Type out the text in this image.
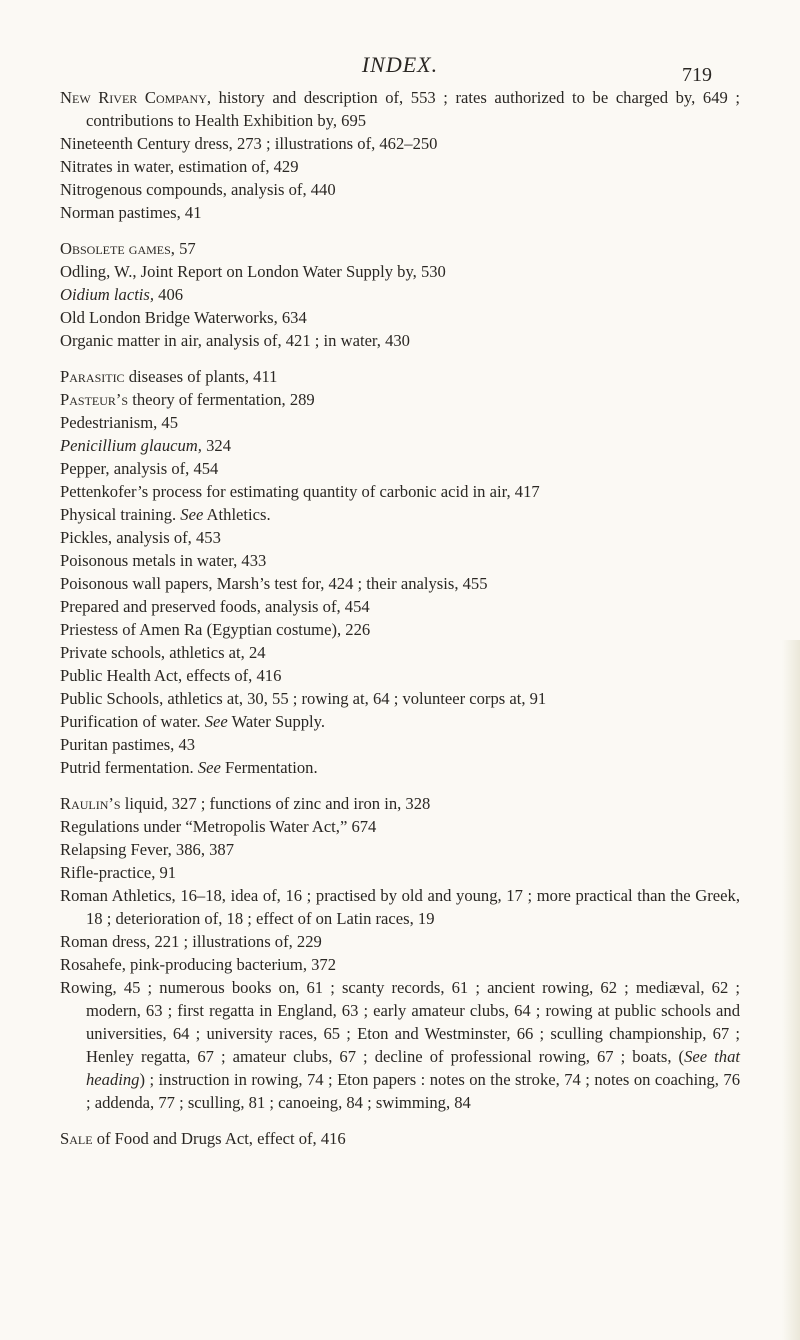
INDEX.	719
New River Company, history and description of, 553 ; rates authorized to be charged by, 649 ; contributions to Health Exhibition by, 695
Nineteenth Century dress, 273 ; illustrations of, 462–250
Nitrates in water, estimation of, 429
Nitrogenous compounds, analysis of, 440
Norman pastimes, 41
Obsolete games, 57
Odling, W., Joint Report on London Water Supply by, 530
Oidium lactis, 406
Old London Bridge Waterworks, 634
Organic matter in air, analysis of, 421 ; in water, 430
Parasitic diseases of plants, 411
Pasteur’s theory of fermentation, 289
Pedestrianism, 45
Penicillium glaucum, 324
Pepper, analysis of, 454
Pettenkofer’s process for estimating quantity of carbonic acid in air, 417
Physical training. See Athletics.
Pickles, analysis of, 453
Poisonous metals in water, 433
Poisonous wall papers, Marsh’s test for, 424 ; their analysis, 455
Prepared and preserved foods, analysis of, 454
Priestess of Amen Ra (Egyptian costume), 226
Private schools, athletics at, 24
Public Health Act, effects of, 416
Public Schools, athletics at, 30, 55 ; rowing at, 64 ; volunteer corps at, 91
Purification of water. See Water Supply.
Puritan pastimes, 43
Putrid fermentation. See Fermentation.
Raulin’s liquid, 327 ; functions of zinc and iron in, 328
Regulations under “Metropolis Water Act,” 674
Relapsing Fever, 386, 387
Rifle-practice, 91
Roman Athletics, 16–18, idea of, 16 ; practised by old and young, 17 ; more practical than the Greek, 18 ; deterioration of, 18 ; effect of on Latin races, 19
Roman dress, 221 ; illustrations of, 229
Rosahefe, pink-producing bacterium, 372
Rowing, 45 ; numerous books on, 61 ; scanty records, 61 ; ancient rowing, 62 ; mediæval, 62 ; modern, 63 ; first regatta in England, 63 ; early amateur clubs, 64 ; rowing at public schools and universities, 64 ; university races, 65 ; Eton and Westminster, 66 ; sculling championship, 67 ; Henley regatta, 67 ; amateur clubs, 67 ; decline of professional rowing, 67 ; boats, (See that heading) ; instruction in rowing, 74 ; Eton papers : notes on the stroke, 74 ; notes on coaching, 76 ; addenda, 77 ; sculling, 81 ; canoeing, 84 ; swimming, 84
Sale of Food and Drugs Act, effect of, 416
